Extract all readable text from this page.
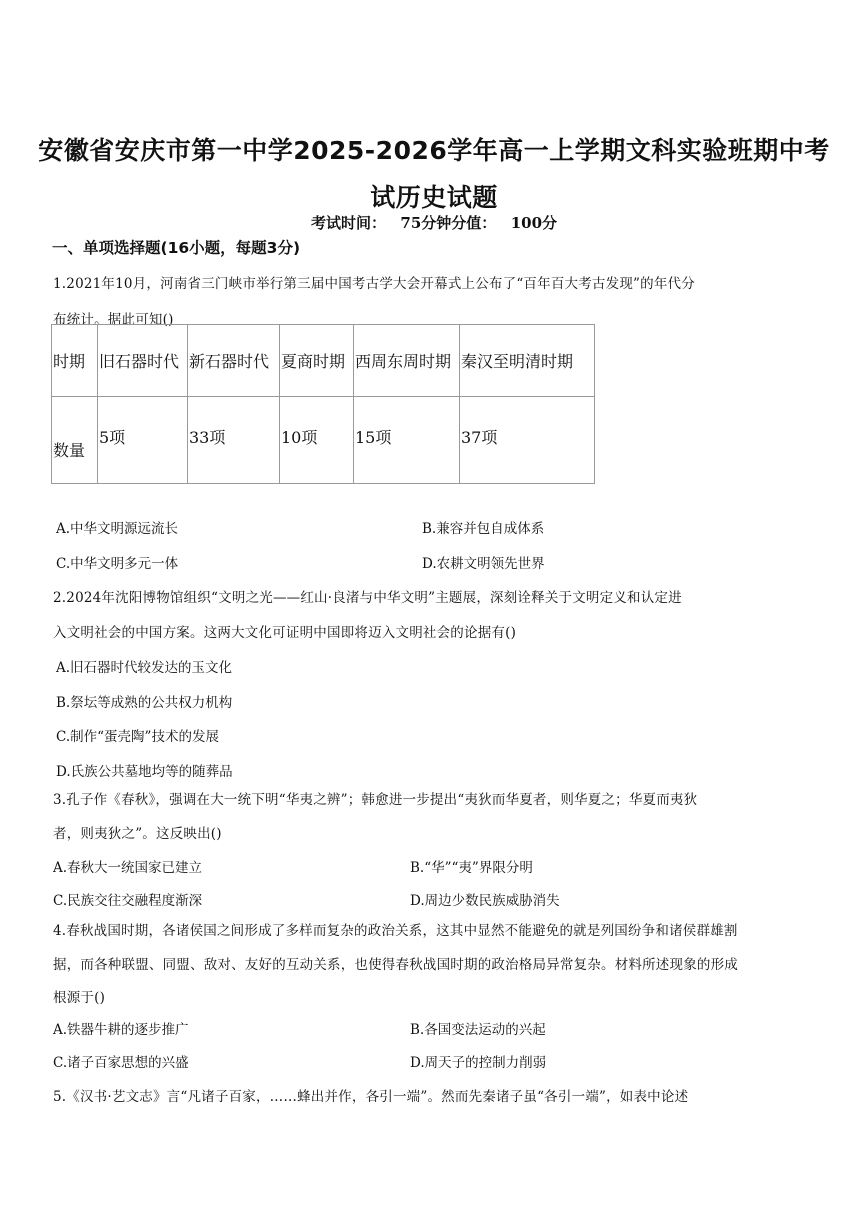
安徽省安庆市第一中学2025-2026学年高一上学期文科实验班期中考
试历史试题
考试时间：  75分钟分值：  100分
一、单项选择题(16小题，每题3分)
1.2021年10月，河南省三门峡市举行第三届中国考古学大会开幕式上公布了“百年百大考古发现”的年代分
布统计。据此可知()
时期	旧石器时代	新石器时代	夏商时期	西周东周时期	秦汉至明清时期
数量	5项	33项	10项	15项	37项
A.中华文明源远流长	B.兼容并包自成体系
C.中华文明多元一体	D.农耕文明领先世界
2.2024年沈阳博物馆组织“文明之光——红山·良渚与中华文明”主题展，深刻诠释关于文明定义和认定进
入文明社会的中国方案。这两大文化可证明中国即将迈入文明社会的论据有()
A.旧石器时代较发达的玉文化
B.祭坛等成熟的公共权力机构
C.制作“蛋壳陶”技术的发展
D.氏族公共墓地均等的随葬品
3.孔子作《春秋》，强调在大一统下明“华夷之辨”；韩愈进一步提出“夷狄而华夏者，则华夏之；华夏而夷狄
者，则夷狄之”。这反映出()
A.春秋大一统国家已建立	B.“华”“夷”界限分明
C.民族交往交融程度渐深	D.周边少数民族威胁消失
4.春秋战国时期，各诸侯国之间形成了多样而复杂的政治关系，这其中显然不能避免的就是列国纷争和诸侯群雄割
据，而各种联盟、同盟、敌对、友好的互动关系，也使得春秋战国时期的政治格局异常复杂。材料所述现象的形成
根源于()
A.铁器牛耕的逐步推广	B.各国变法运动的兴起
C.诸子百家思想的兴盛	D.周天子的控制力削弱
5.《汉书·艺文志》言“凡诸子百家，……蜂出并作，各引一端”。然而先秦诸子虽“各引一端”，如表中论述
